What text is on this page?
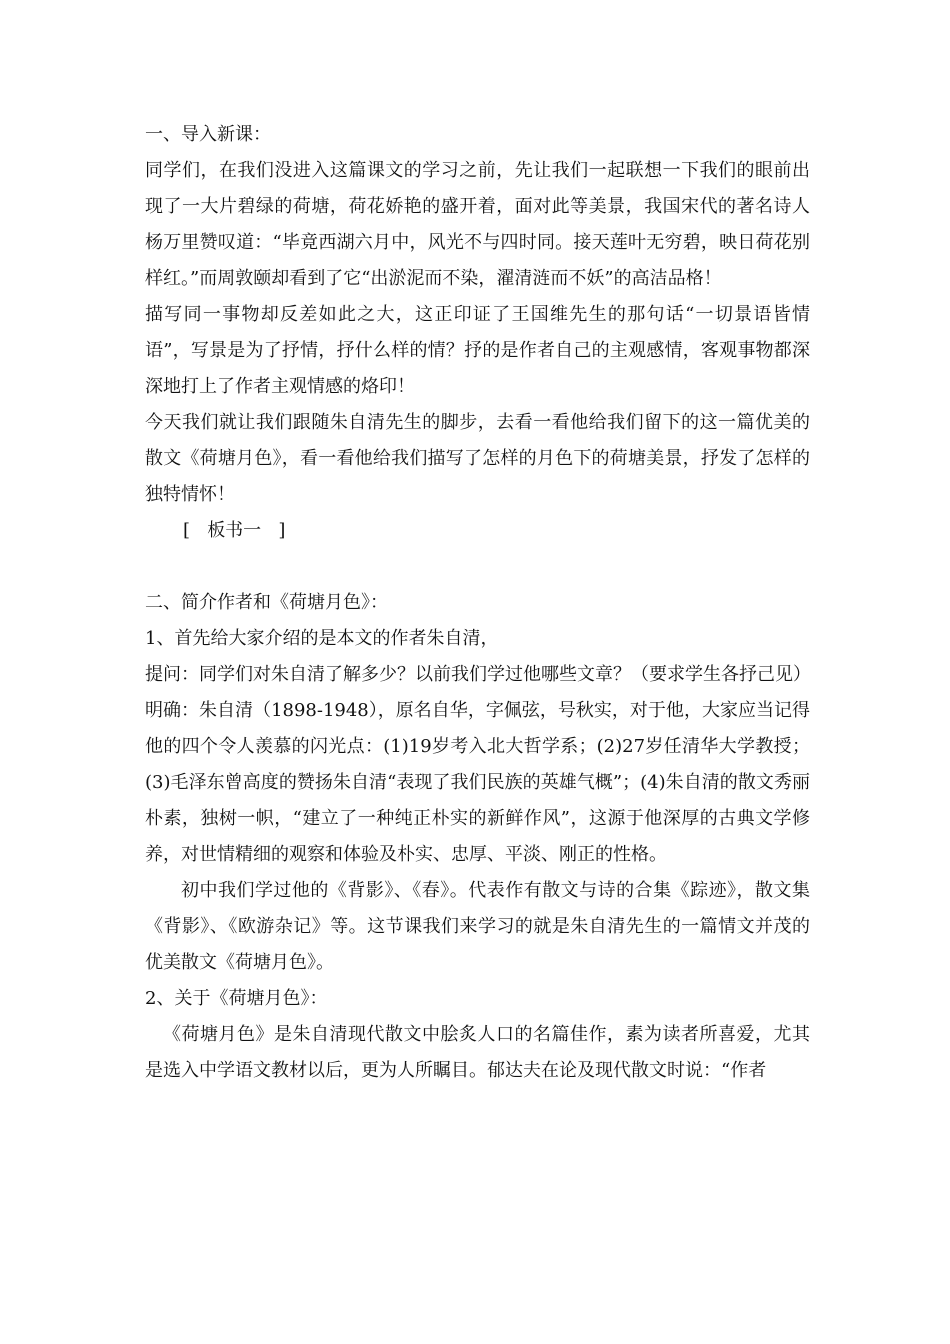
一、导入新课：

同学们，在我们没进入这篇课文的学习之前，先让我们一起联想一下我们的眼前出现了一大片碧绿的荷塘，荷花娇艳的盛开着，面对此等美景，我国宋代的著名诗人杨万里赞叹道：“毕竟西湖六月中，风光不与四时同。接天莲叶无穷碧，映日荷花别样红。”而周敦颐却看到了它“出淤泥而不染，濯清涟而不妖”的高洁品格！

描写同一事物却反差如此之大，这正印证了王国维先生的那句话“一切景语皆情语”，写景是为了抒情，抒什么样的情？抒的是作者自己的主观感情，客观事物都深深地打上了作者主观情感的烙印！

今天我们就让我们跟随朱自清先生的脚步，去看一看他给我们留下的这一篇优美的散文《荷塘月色》，看一看他给我们描写了怎样的月色下的荷塘美景，抒发了怎样的独特情怀！

[   板书一   ]

二、简介作者和《荷塘月色》：

1、首先给大家介绍的是本文的作者朱自清，

提问：同学们对朱自清了解多少？以前我们学过他哪些文章？（要求学生各抒己见）

明确：朱自清（1898-1948），原名自华，字佩弦，号秋实，对于他，大家应当记得他的四个令人羡慕的闪光点：(1)19岁考入北大哲学系；(2)27岁任清华大学教授；(3)毛泽东曾高度的赞扬朱自清“表现了我们民族的英雄气概”；(4)朱自清的散文秀丽朴素，独树一帜，“建立了一种纯正朴实的新鲜作风”，这源于他深厚的古典文学修养，对世情精细的观察和体验及朴实、忠厚、平淡、刚正的性格。

初中我们学过他的《背影》、《春》。代表作有散文与诗的合集《踪迹》，散文集《背影》、《欧游杂记》等。这节课我们来学习的就是朱自清先生的一篇情文并茂的优美散文《荷塘月色》。

2、关于《荷塘月色》：

《荷塘月色》是朱自清现代散文中脍炙人口的名篇佳作，素为读者所喜爱，尤其是选入中学语文教材以后，更为人所瞩目。郁达夫在论及现代散文时说：“作者
